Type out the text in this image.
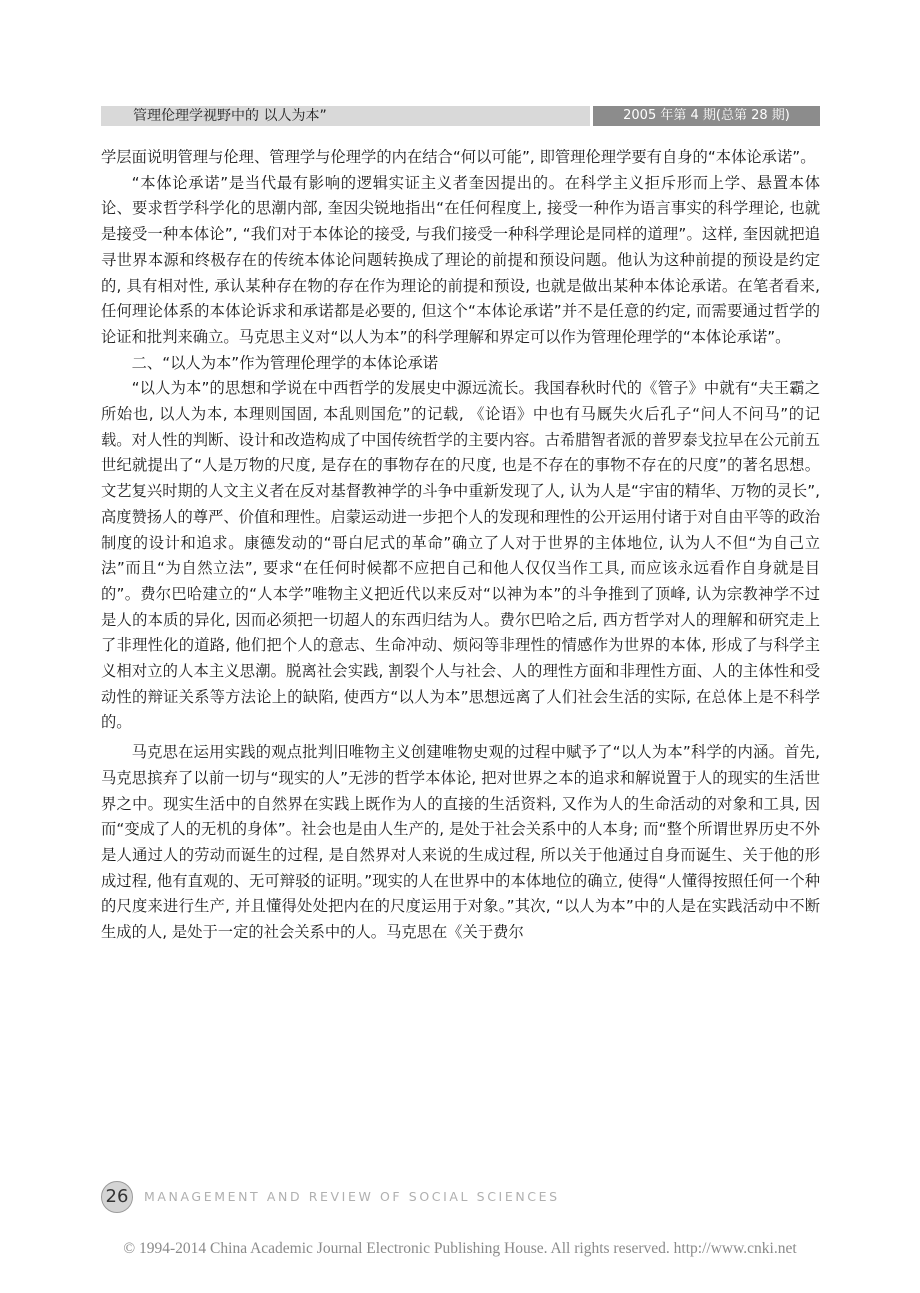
管理伦理学视野中的 以人为本”	2005 年第 4 期(总第 28 期)

学层面说明管理与伦理、管理学与伦理学的内在结合“何以可能”, 即管理伦理学要有自身的“本体论承诺”。

“本体论承诺”是当代最有影响的逻辑实证主义者奎因提出的。在科学主义拒斥形而上学、悬置本体论、要求哲学科学化的思潮内部, 奎因尖锐地指出“在任何程度上, 接受一种作为语言事实的科学理论, 也就是接受一种本体论”, “我们对于本体论的接受, 与我们接受一种科学理论是同样的道理”。这样, 奎因就把追寻世界本源和终极存在的传统本体论问题转换成了理论的前提和预设问题。他认为这种前提的预设是约定的, 具有相对性, 承认某种存在物的存在作为理论的前提和预设, 也就是做出某种本体论承诺。在笔者看来, 任何理论体系的本体论诉求和承诺都是必要的, 但这个“本体论承诺”并不是任意的约定, 而需要通过哲学的论证和批判来确立。马克思主义对“以人为本”的科学理解和界定可以作为管理伦理学的“本体论承诺”。

二、“以人为本”作为管理伦理学的本体论承诺

“以人为本”的思想和学说在中西哲学的发展史中源远流长。我国春秋时代的《管子》中就有“夫王霸之所始也, 以人为本, 本理则国固, 本乱则国危”的记载, 《论语》中也有马厩失火后孔子“问人不问马”的记载。对人性的判断、设计和改造构成了中国传统哲学的主要内容。古希腊智者派的普罗泰戈拉早在公元前五世纪就提出了“人是万物的尺度, 是存在的事物存在的尺度, 也是不存在的事物不存在的尺度”的著名思想。文艺复兴时期的人文主义者在反对基督教神学的斗争中重新发现了人, 认为人是“宇宙的精华、万物的灵长”, 高度赞扬人的尊严、价值和理性。启蒙运动进一步把个人的发现和理性的公开运用付诸于对自由平等的政治制度的设计和追求。康德发动的“哥白尼式的革命”确立了人对于世界的主体地位, 认为人不但“为自己立法”而且“为自然立法”, 要求“在任何时候都不应把自己和他人仅仅当作工具, 而应该永远看作自身就是目的”。费尔巴哈建立的“人本学”唯物主义把近代以来反对“以神为本”的斗争推到了顶峰, 认为宗教神学不过是人的本质的异化, 因而必须把一切超人的东西归结为人。费尔巴哈之后, 西方哲学对人的理解和研究走上了非理性化的道路, 他们把个人的意志、生命冲动、烦闷等非理性的情感作为世界的本体, 形成了与科学主义相对立的人本主义思潮。脱离社会实践, 割裂个人与社会、人的理性方面和非理性方面、人的主体性和受动性的辩证关系等方法论上的缺陷, 使西方“以人为本”思想远离了人们社会生活的实际, 在总体上是不科学的。

马克思在运用实践的观点批判旧唯物主义创建唯物史观的过程中赋予了“以人为本”科学的内涵。首先, 马克思摈弃了以前一切与“现实的人”无涉的哲学本体论, 把对世界之本的追求和解说置于人的现实的生活世界之中。现实生活中的自然界在实践上既作为人的直接的生活资料, 又作为人的生命活动的对象和工具, 因而“变成了人的无机的身体”。社会也是由人生产的, 是处于社会关系中的人本身; 而“整个所谓世界历史不外是人通过人的劳动而诞生的过程, 是自然界对人来说的生成过程, 所以关于他通过自身而诞生、关于他的形成过程, 他有直观的、无可辩驳的证明。”现实的人在世界中的本体地位的确立, 使得“人懂得按照任何一个种的尺度来进行生产, 并且懂得处处把内在的尺度运用于对象。”其次, “以人为本”中的人是在实践活动中不断生成的人, 是处于一定的社会关系中的人。马克思在《关于费尔

26	MANAGEMENT AND REVIEW OF SOCIAL SCIENCES
© 1994-2014 China Academic Journal Electronic Publishing House. All rights reserved. http://www.cnki.net
